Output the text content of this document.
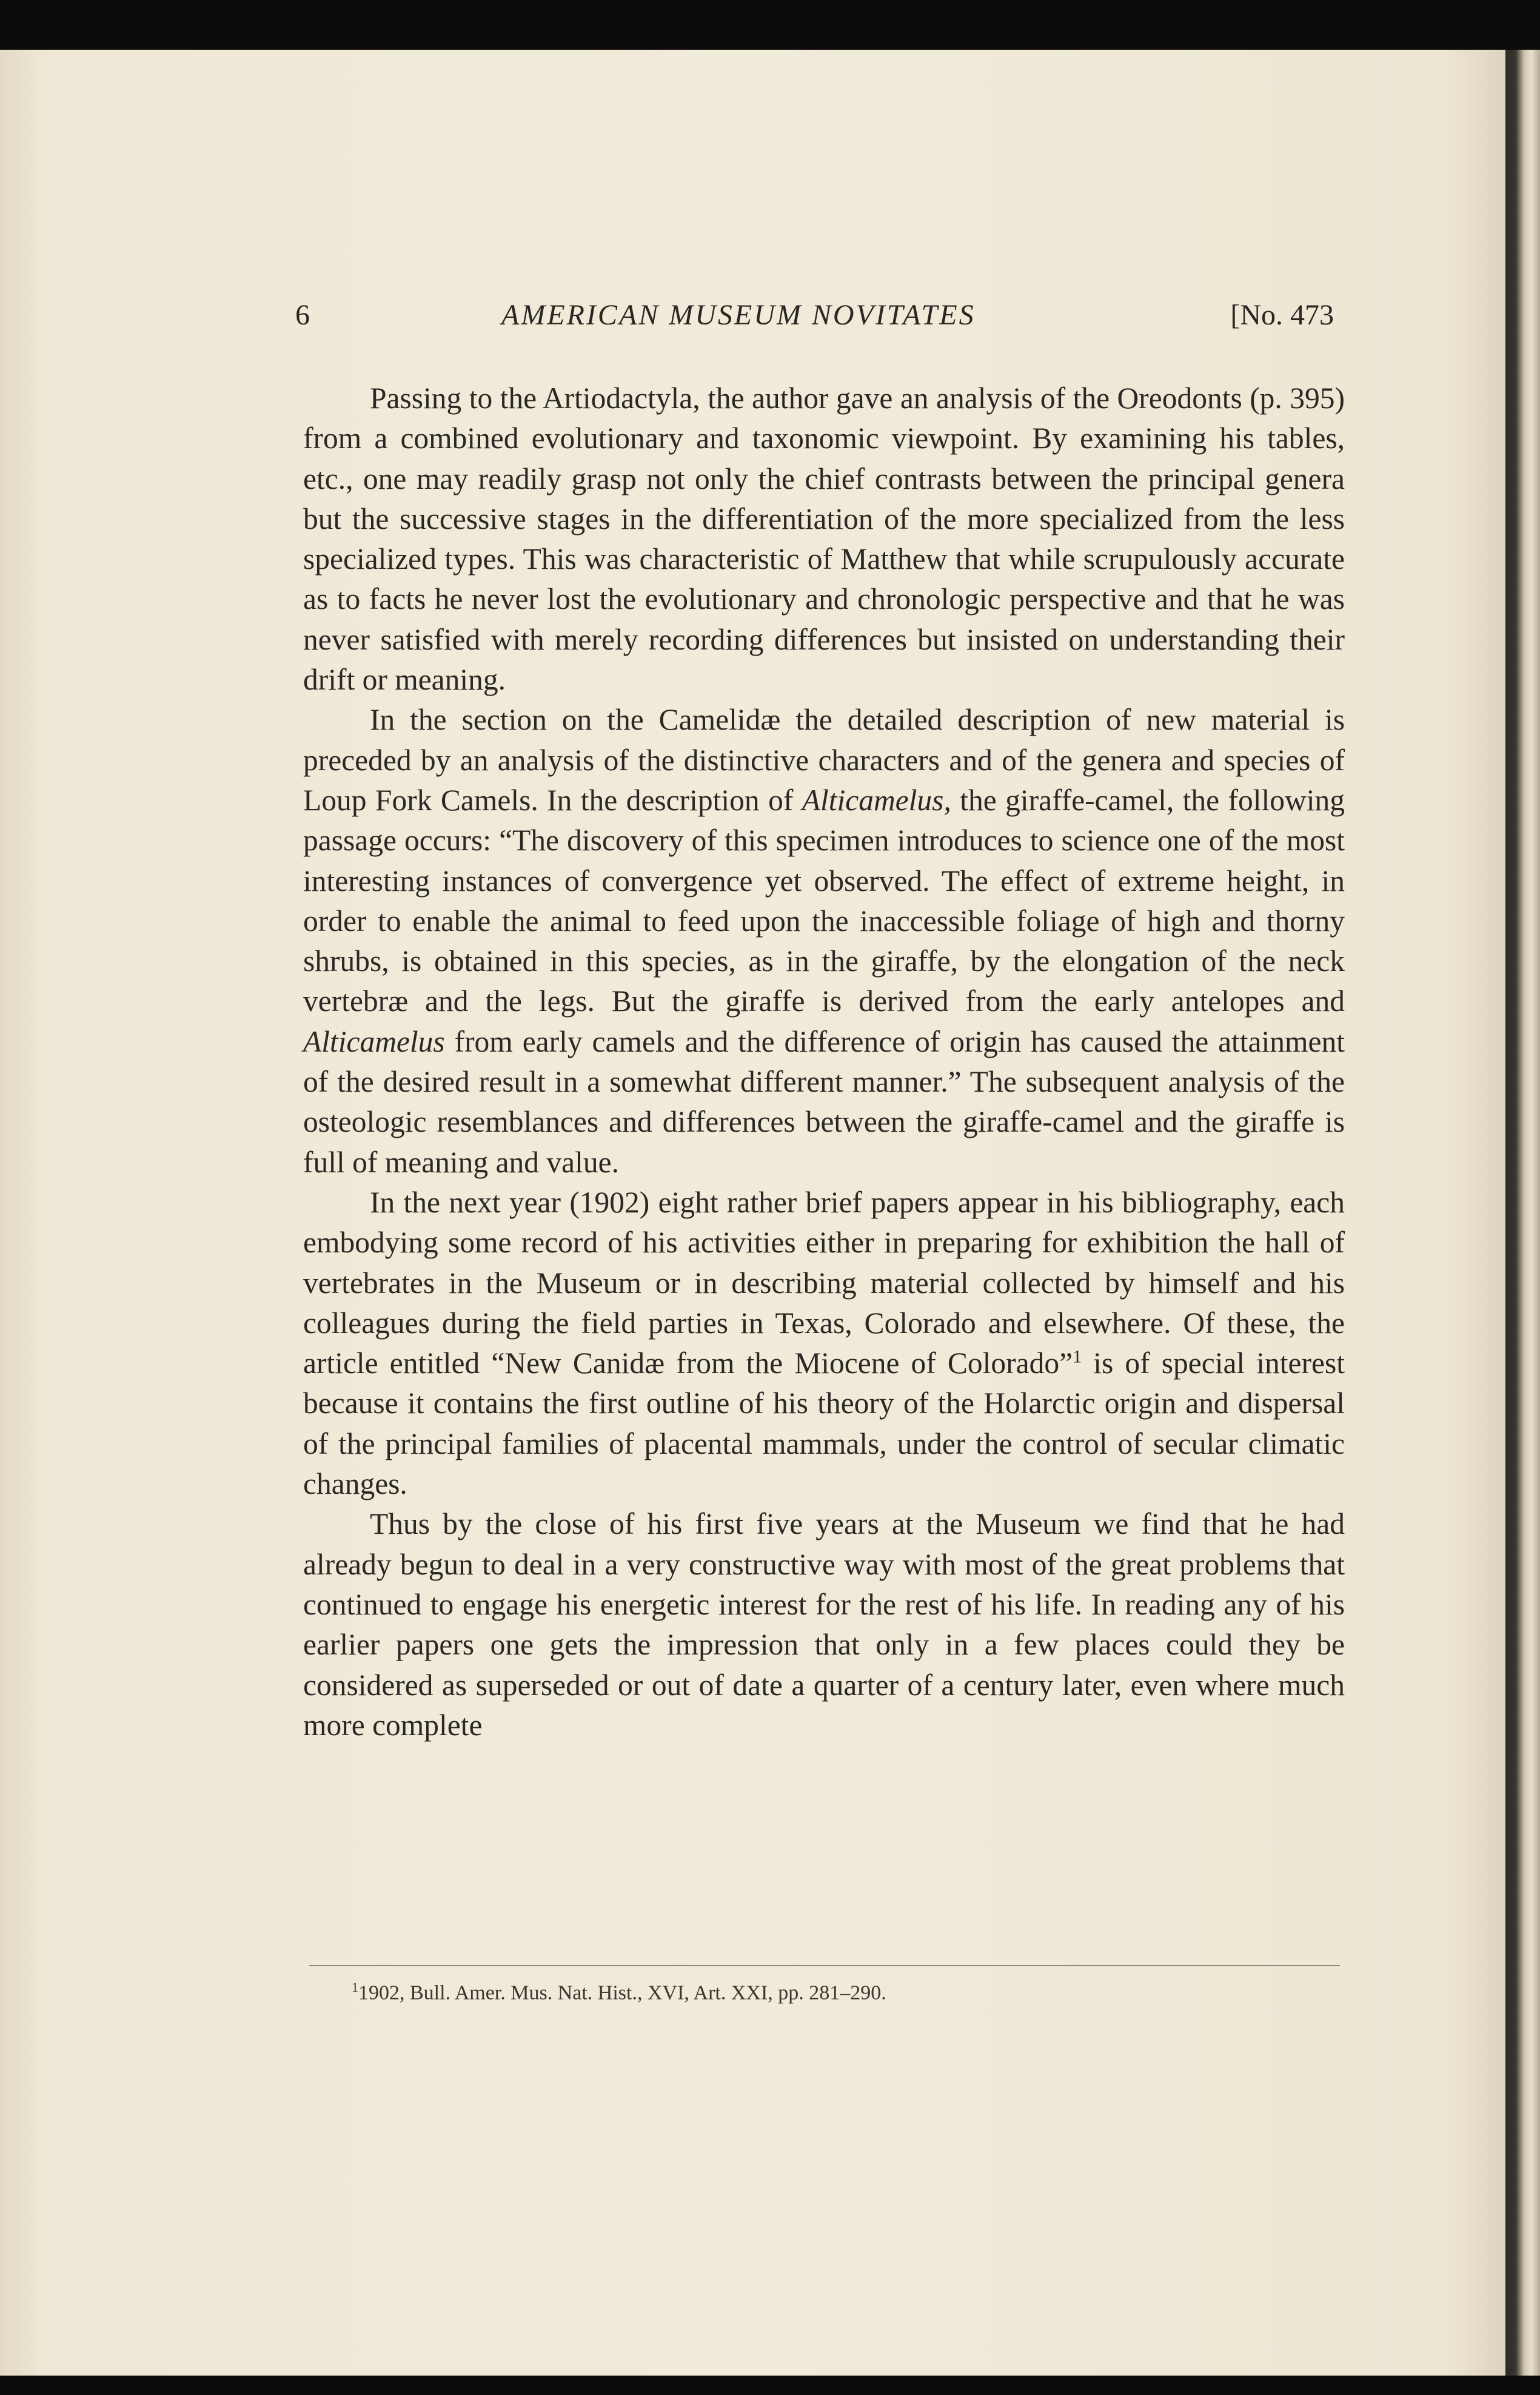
6	AMERICAN MUSEUM NOVITATES	[No. 473

Passing to the Artiodactyla, the author gave an analysis of the Oreodonts (p. 395) from a combined evolutionary and taxonomic viewpoint. By examining his tables, etc., one may readily grasp not only the chief contrasts between the principal genera but the successive stages in the differentiation of the more specialized from the less specialized types. This was characteristic of Matthew that while scrupulously accurate as to facts he never lost the evolutionary and chronologic perspective and that he was never satisfied with merely recording differences but insisted on understanding their drift or meaning.

In the section on the Camelidæ the detailed description of new material is preceded by an analysis of the distinctive characters and of the genera and species of Loup Fork Camels. In the description of Alticamelus, the giraffe-camel, the following passage occurs: “The discovery of this specimen introduces to science one of the most interesting instances of convergence yet observed. The effect of extreme height, in order to enable the animal to feed upon the inaccessible foliage of high and thorny shrubs, is obtained in this species, as in the giraffe, by the elongation of the neck vertebræ and the legs. But the giraffe is derived from the early antelopes and Alticamelus from early camels and the difference of origin has caused the attainment of the desired result in a somewhat different manner.” The subsequent analysis of the osteologic resemblances and differences between the giraffe-camel and the giraffe is full of meaning and value.

In the next year (1902) eight rather brief papers appear in his bibliography, each embodying some record of his activities either in preparing for exhibition the hall of vertebrates in the Museum or in describing material collected by himself and his colleagues during the field parties in Texas, Colorado and elsewhere. Of these, the article entitled “New Canidæ from the Miocene of Colorado”$^1$ is of special interest because it contains the first outline of his theory of the Holarctic origin and dispersal of the principal families of placental mammals, under the control of secular climatic changes.

Thus by the close of his first five years at the Museum we find that he had already begun to deal in a very constructive way with most of the great problems that continued to engage his energetic interest for the rest of his life. In reading any of his earlier papers one gets the impression that only in a few places could they be considered as superseded or out of date a quarter of a century later, even where much more complete

$^1$1902, Bull. Amer. Mus. Nat. Hist., XVI, Art. XXI, pp. 281–290.
